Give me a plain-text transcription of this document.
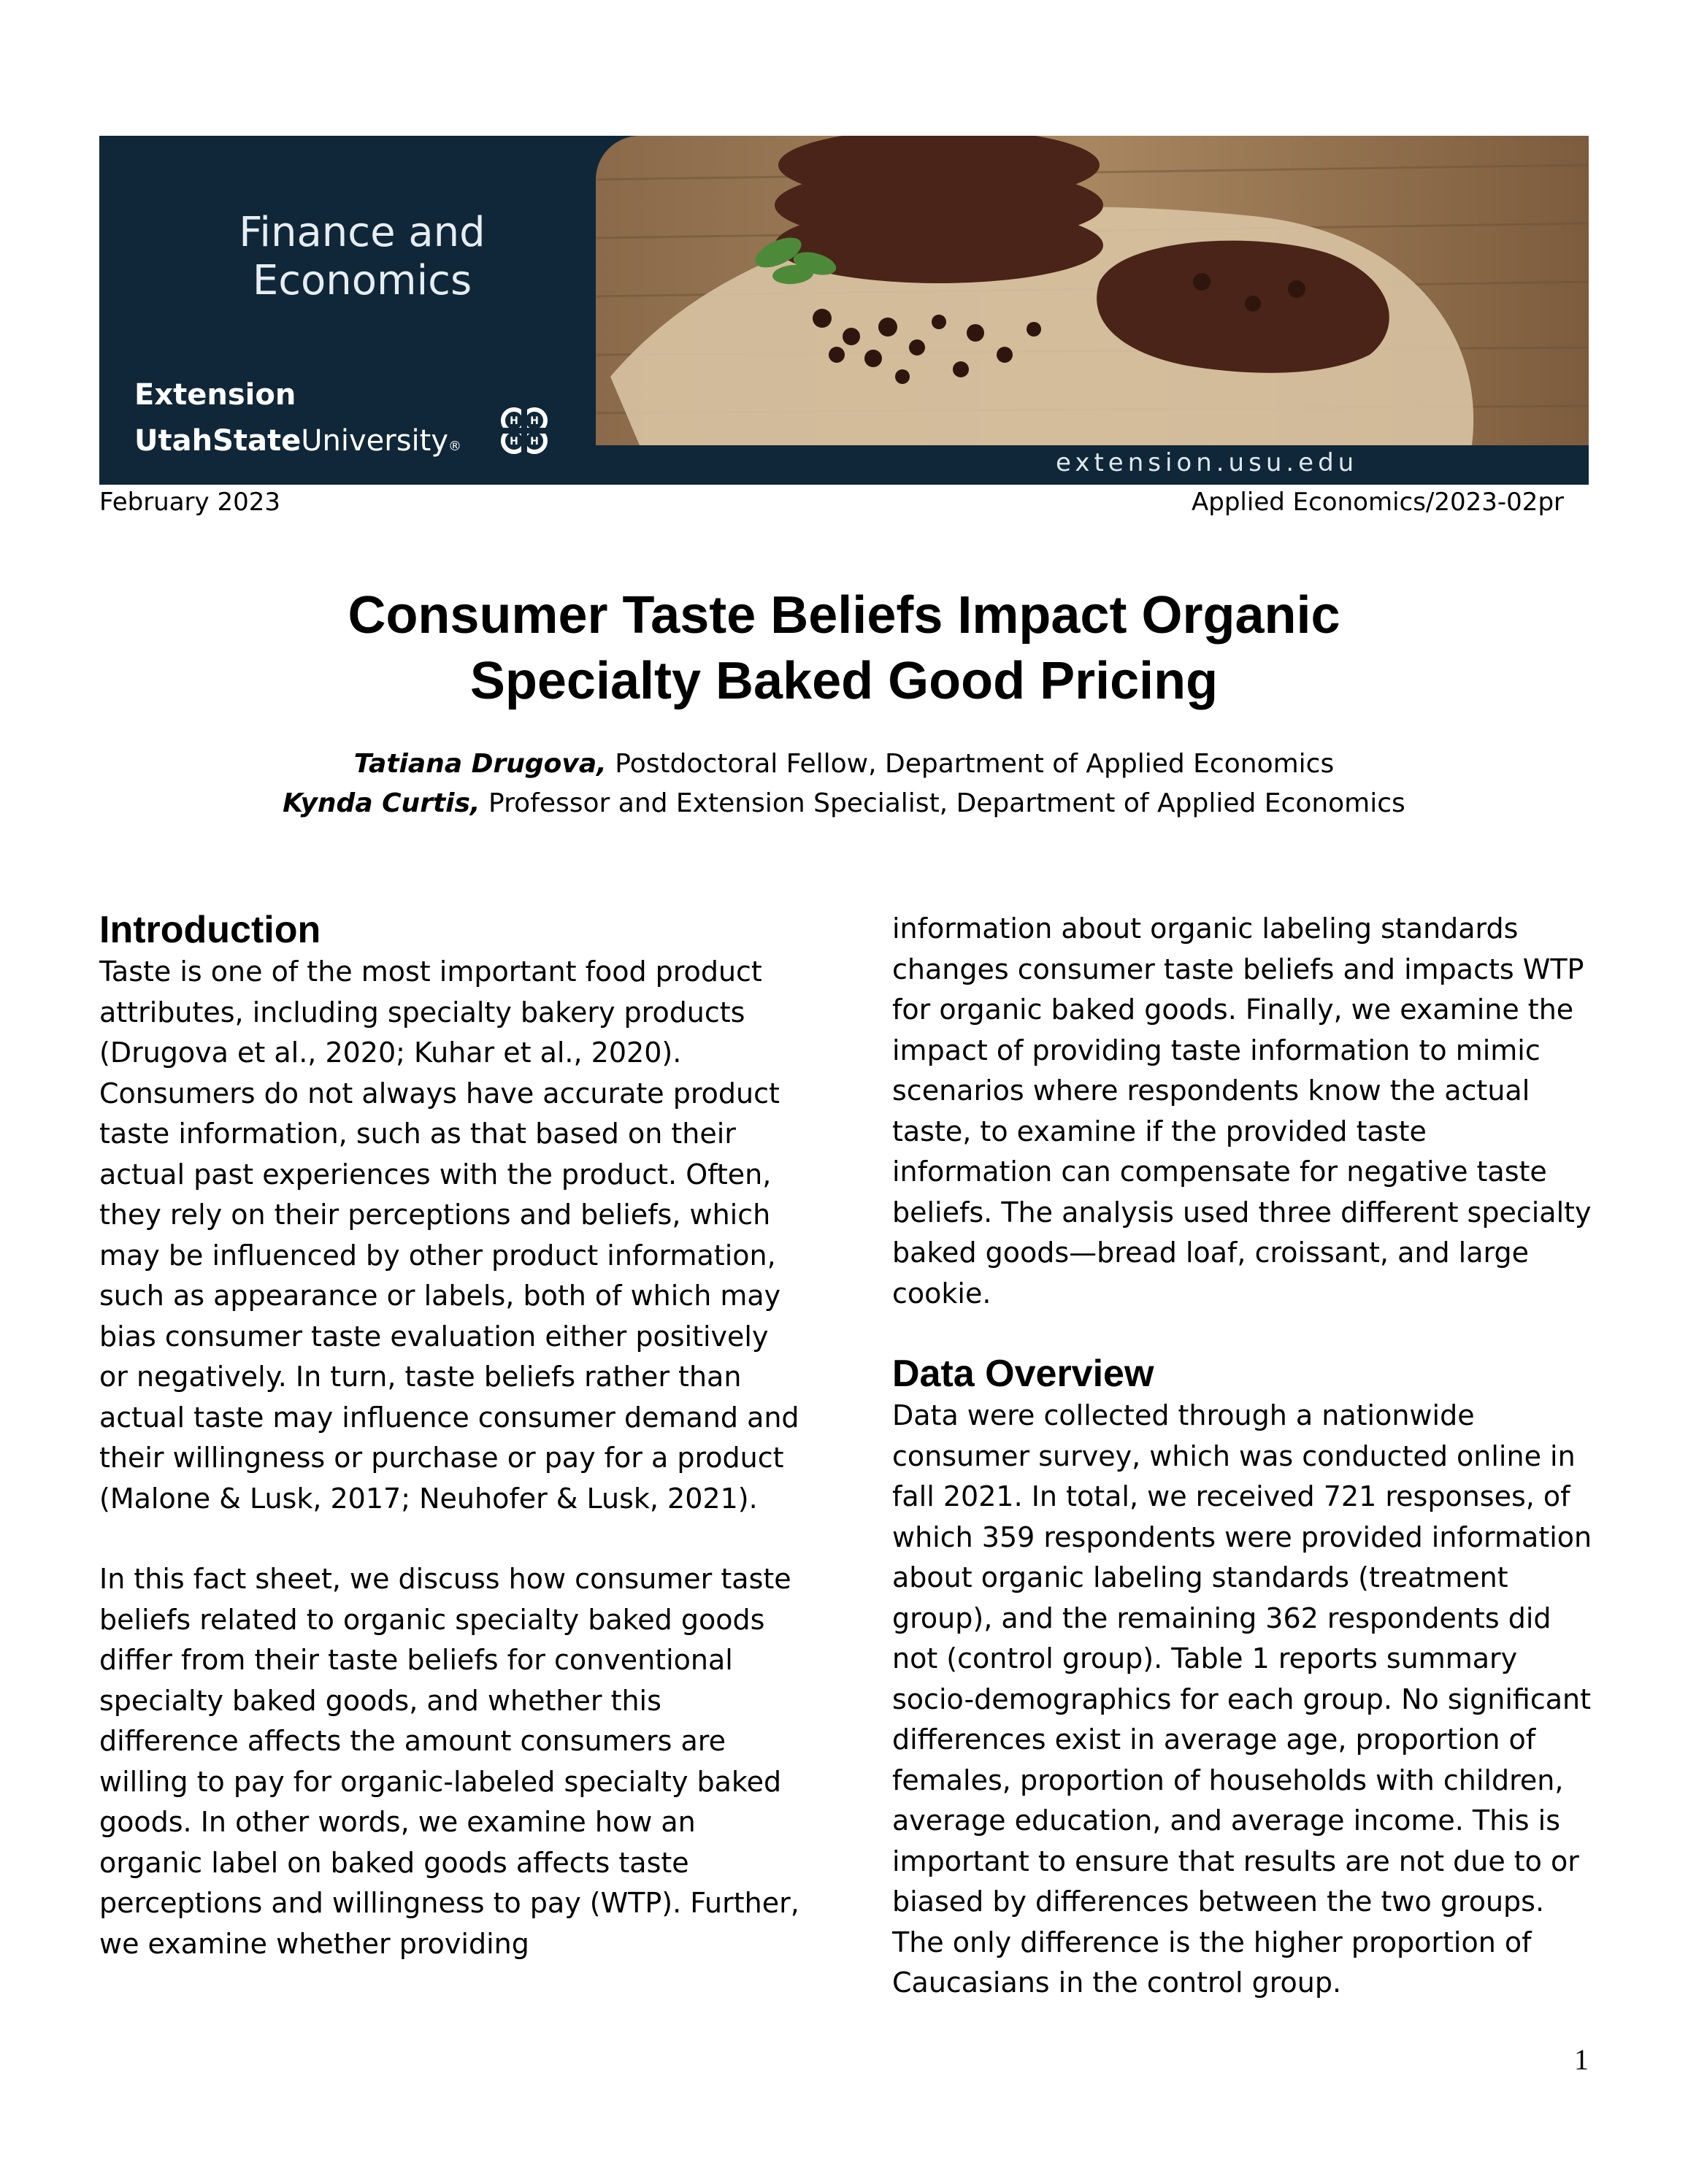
Finance and
Economics
Extension
UtahStateUniversity®
H H
H H
extension.usu.edu
February 2023	Applied Economics/2023-02pr
Consumer Taste Beliefs Impact Organic
Specialty Baked Good Pricing
Tatiana Drugova, Postdoctoral Fellow, Department of Applied Economics
Kynda Curtis, Professor and Extension Specialist, Department of Applied Economics
Introduction

Taste is one of the most important food product attributes, including specialty bakery products (Drugova et al., 2020; Kuhar et al., 2020). Consumers do not always have accurate product taste information, such as that based on their actual past experiences with the product. Often, they rely on their perceptions and beliefs, which may be influenced by other product information, such as appearance or labels, both of which may bias consumer taste evaluation either positively or negatively. In turn, taste beliefs rather than actual taste may influence consumer demand and their willingness or purchase or pay for a product (Malone & Lusk, 2017; Neuhofer & Lusk, 2021).

In this fact sheet, we discuss how consumer taste beliefs related to organic specialty baked goods differ from their taste beliefs for conventional specialty baked goods, and whether this difference affects the amount consumers are willing to pay for organic-labeled specialty baked goods. In other words, we examine how an organic label on baked goods affects taste perceptions and willingness to pay (WTP). Further, we examine whether providing

information about organic labeling standards changes consumer taste beliefs and impacts WTP for organic baked goods. Finally, we examine the impact of providing taste information to mimic scenarios where respondents know the actual taste, to examine if the provided taste information can compensate for negative taste beliefs. The analysis used three different specialty baked goods—bread loaf, croissant, and large cookie.

Data Overview

Data were collected through a nationwide consumer survey, which was conducted online in fall 2021. In total, we received 721 responses, of which 359 respondents were provided information about organic labeling standards (treatment group), and the remaining 362 respondents did not (control group). Table 1 reports summary socio-demographics for each group. No significant differences exist in average age, proportion of females, proportion of households with children, average education, and average income. This is important to ensure that results are not due to or biased by differences between the two groups. The only difference is the higher proportion of Caucasians in the control group.

1
